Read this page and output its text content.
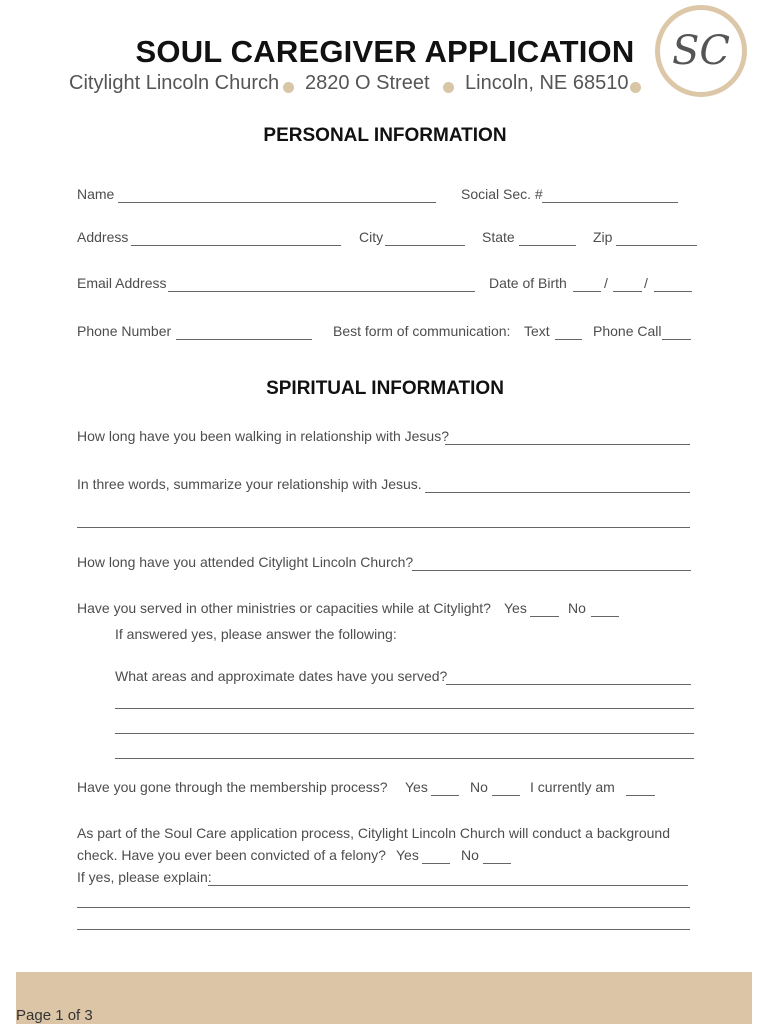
SOUL CAREGIVER APPLICATION
Citylight Lincoln Church 2820 O Street Lincoln, NE 68510
SC
PERSONAL INFORMATION
Name	Social Sec. #
Address	City	State	Zip
Email Address	Date of Birth	/	/
Phone Number	Best form of communication: Text	Phone Call
SPIRITUAL INFORMATION
How long have you been walking in relationship with Jesus?
In three words, summarize your relationship with Jesus.
How long have you attended Citylight Lincoln Church?
Have you served in other ministries or capacities while at Citylight? Yes	No
If answered yes, please answer the following:
What areas and approximate dates have you served?
Have you gone through the membership process? Yes	No	I currently am
As part of the Soul Care application process, Citylight Lincoln Church will conduct a background
check. Have you ever been convicted of a felony? Yes	No
If yes, please explain:
Page 1 of 3
